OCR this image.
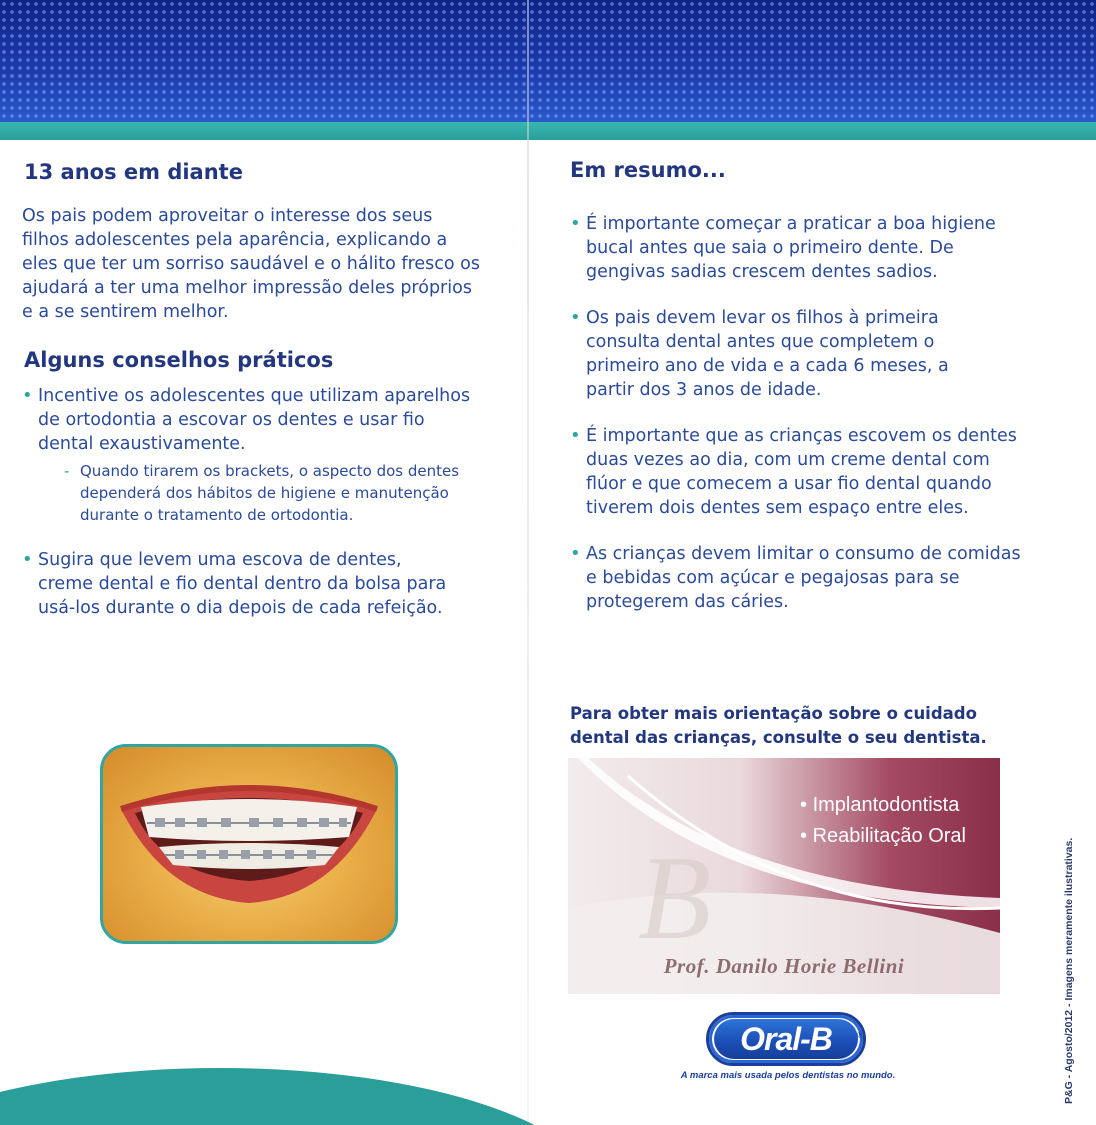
13 anos em diante

Os pais podem aproveitar o interesse dos seus filhos adolescentes pela aparência, explicando a eles que ter um sorriso saudável e o hálito fresco os ajudará a ter uma melhor impressão deles próprios e a se sentirem melhor.

Alguns conselhos práticos

• Incentive os adolescentes que utilizam aparelhos de ortodontia a escovar os dentes e usar fio dental exaustivamente.

- Quando tirarem os brackets, o aspecto dos dentes dependerá dos hábitos de higiene e manutenção durante o tratamento de ortodontia.

• Sugira que levem uma escova de dentes, creme dental e fio dental dentro da bolsa para usá-los durante o dia depois de cada refeição.

Em resumo...

• É importante começar a praticar a boa higiene bucal antes que saia o primeiro dente. De gengivas sadias crescem dentes sadios.

• Os pais devem levar os filhos à primeira consulta dental antes que completem o primeiro ano de vida e a cada 6 meses, a partir dos 3 anos de idade.

• É importante que as crianças escovem os dentes duas vezes ao dia, com um creme dental com flúor e que comecem a usar fio dental quando tiverem dois dentes sem espaço entre eles.

• As crianças devem limitar o consumo de comidas e bebidas com açúcar e pegajosas para se protegerem das cáries.

Para obter mais orientação sobre o cuidado dental das crianças, consulte o seu dentista.

B
• Implantodontista
• Reabilitação Oral
Prof. Danilo Horie Bellini
Oral-B	®
A marca mais usada pelos dentistas no mundo.	P&G - Agosto/2012 - Imagens meramente ilustrativas.
